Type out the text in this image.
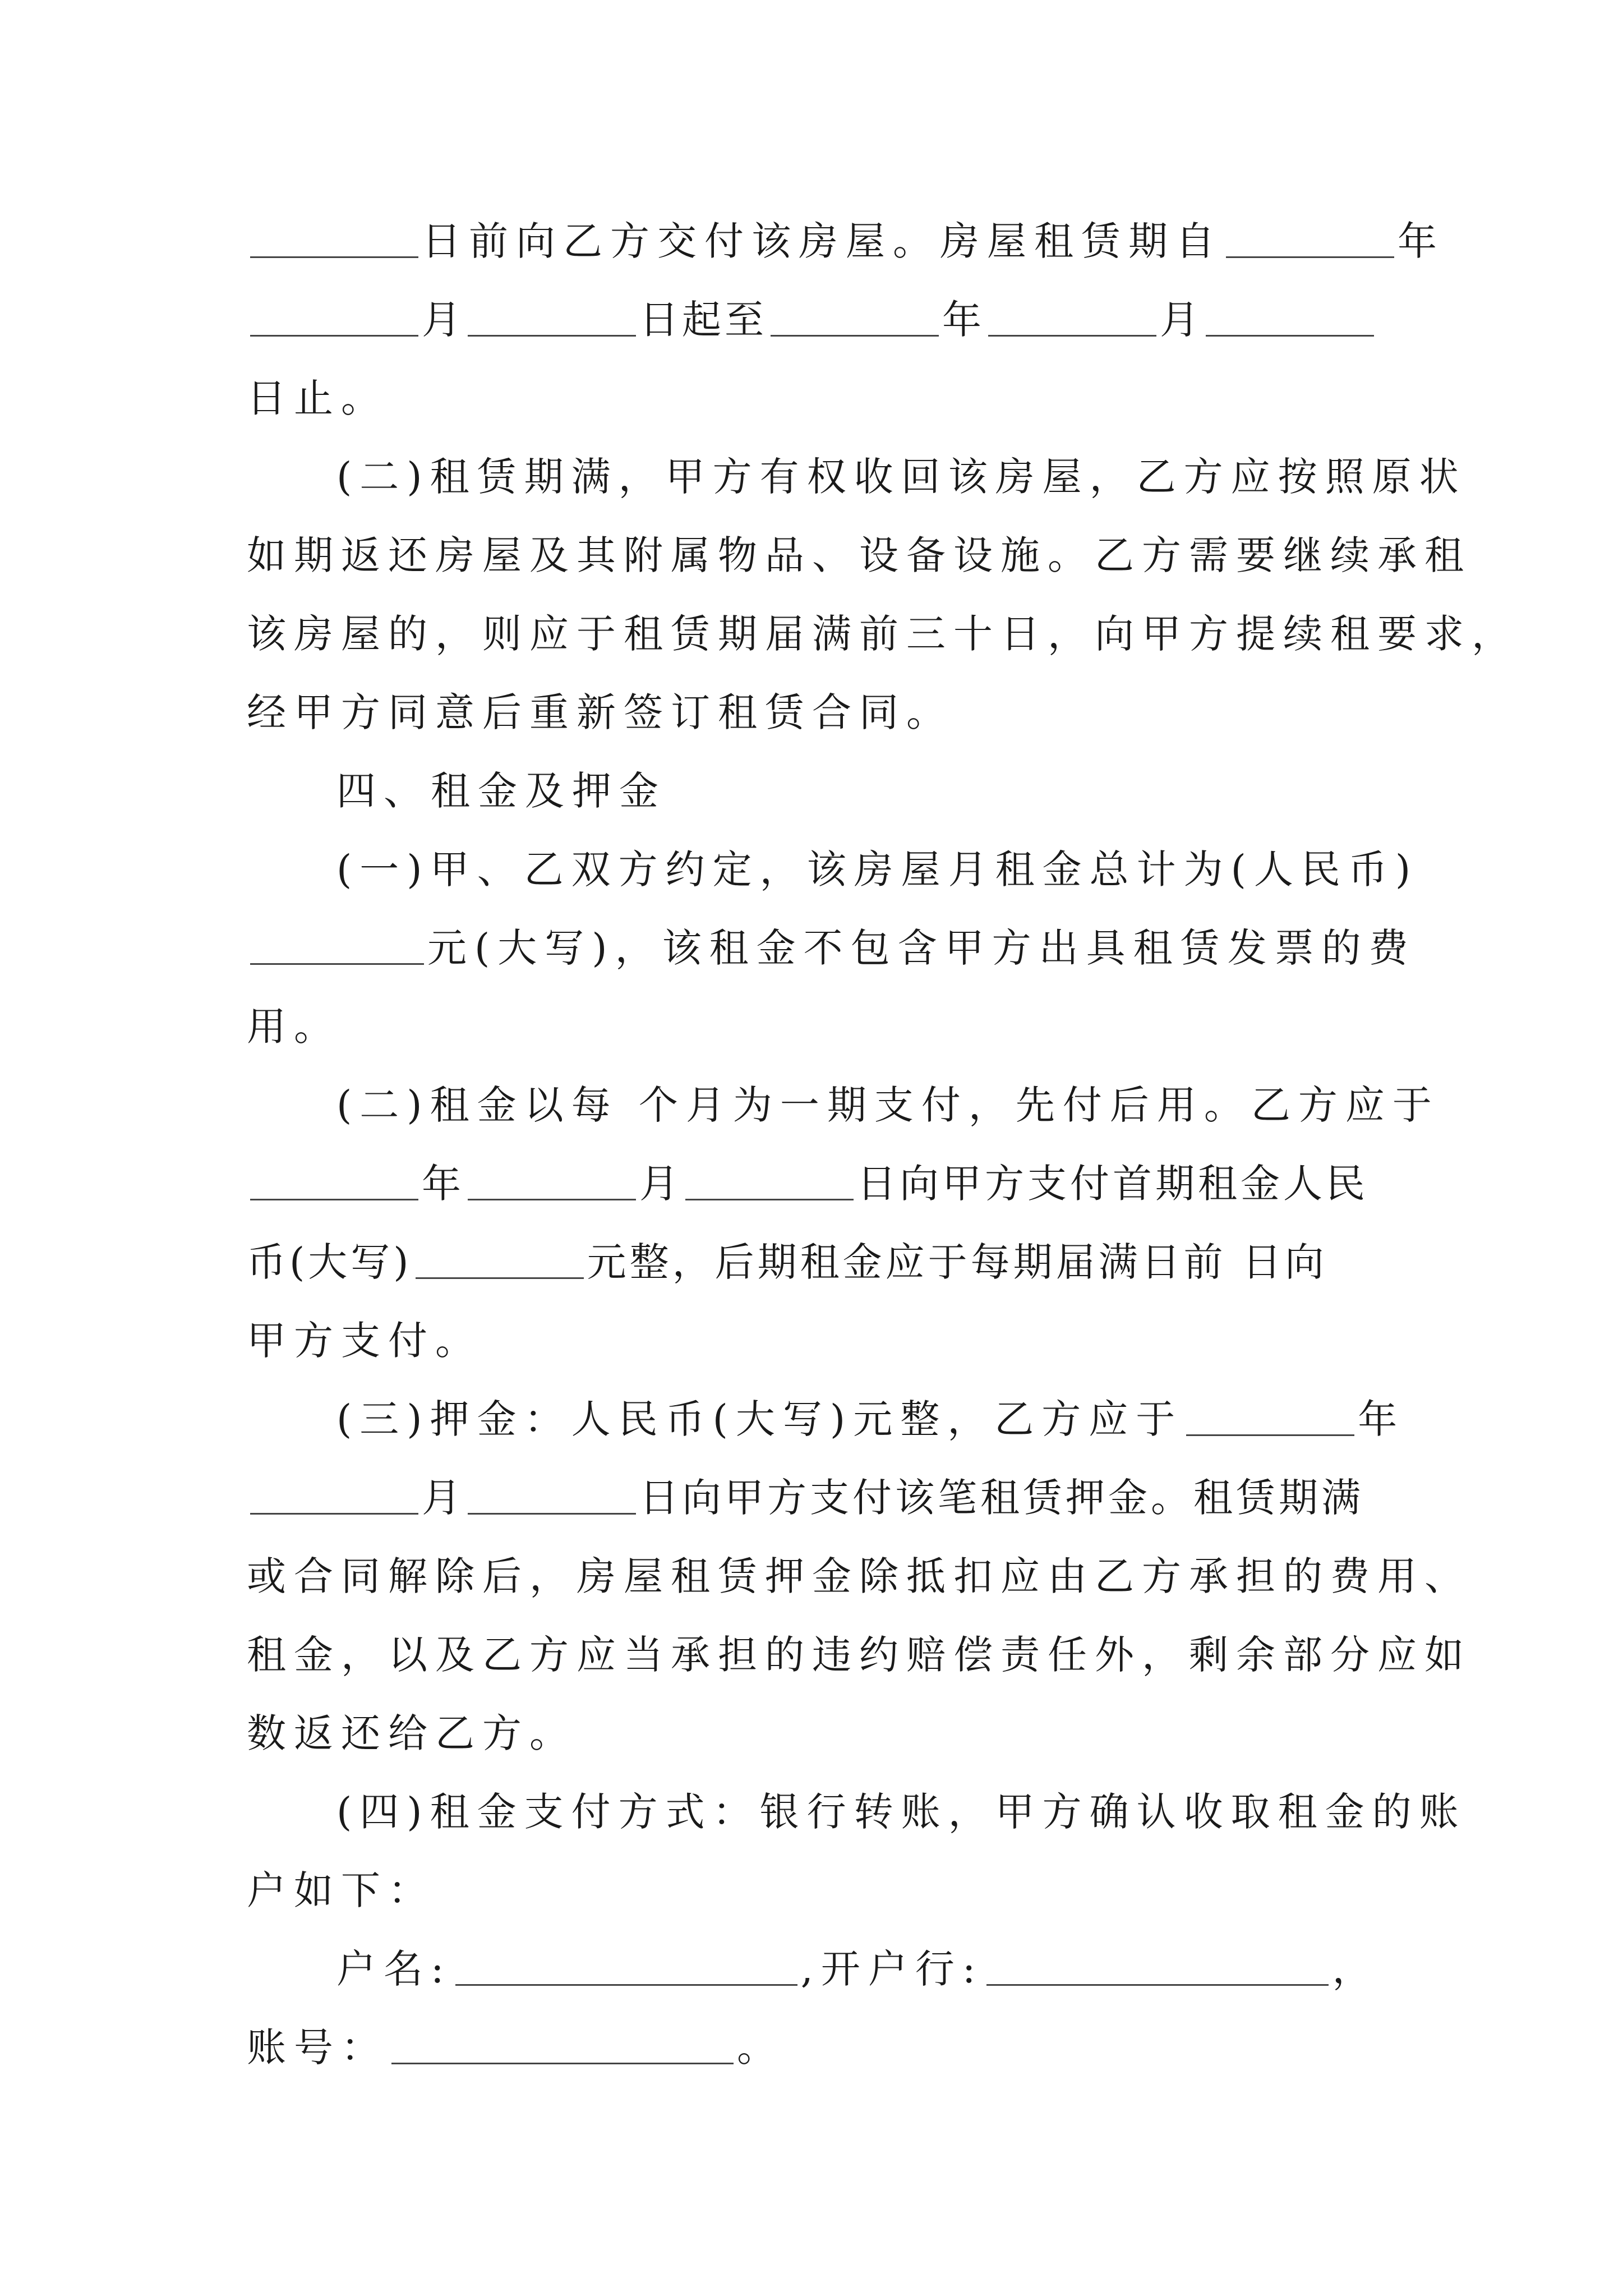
日前向乙方交付该房屋。房屋租赁期自	年
月	日起至	年	月
日止。
(二)租赁期满，甲方有权收回该房屋，乙方应按照原状
如期返还房屋及其附属物品、设备设施。乙方需要继续承租
该房屋的，则应于租赁期届满前三十日，向甲方提续租要求，
经甲方同意后重新签订租赁合同。
四、租金及押金
(一)甲、乙双方约定，该房屋月租金总计为(人民币)
元(大写)，该租金不包含甲方出具租赁发票的费
用。
(二)租金以每 个月为一期支付，先付后用。乙方应于
年	月	日向甲方支付首期租金人民
币(大写)	元整，后期租金应于每期届满日前 日向
甲方支付。
(三)押金：人民币(大写)元整，乙方应于	年
月	日向甲方支付该笔租赁押金。租赁期满
或合同解除后，房屋租赁押金除抵扣应由乙方承担的费用、
租金，以及乙方应当承担的违约赔偿责任外，剩余部分应如
数返还给乙方。
(四)租金支付方式：银行转账，甲方确认收取租金的账
户如下：
户名:	,开户行:	，
账号：	。
